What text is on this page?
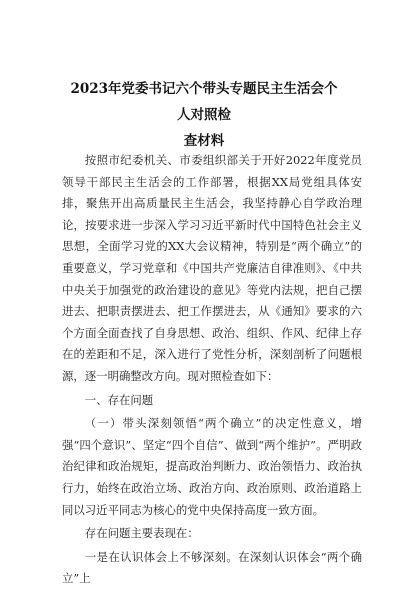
2023年党委书记六个带头专题民主生活会个人对照检
查材料

按照市纪委机关、市委组织部关于开好2022年度党员领导干部民主生活会的工作部署，根据XX局党组具体安排，聚焦开出高质量民主生活会，我坚持静心自学政治理论，按要求进一步深入学习习近平新时代中国特色社会主义思想，全面学习党的XX大会议精神，特别是“两个确立”的重要意义，学习党章和《中国共产党廉洁自律准则》、《中共中央关于加强党的政治建设的意见》等党内法规，把自己摆进去、把职责摆进去、把工作摆进去，从《通知》要求的六个方面全面查找了自身思想、政治、组织、作风、纪律上存在的差距和不足，深入进行了党性分析，深刻剖析了问题根源，逐一明确整改方向。现对照检查如下：

一、存在问题

（一）带头深刻领悟“两个确立”的决定性意义，增强“四个意识”、坚定“四个自信”、做到“两个维护”。严明政治纪律和政治规矩，提高政治判断力、政治领悟力、政治执行力，始终在政治立场、政治方向、政治原则、政治道路上同以习近平同志为核心的党中央保持高度一致方面。

存在问题主要表现在：

一是在认识体会上不够深刻。在深刻认识体会“两个确立”上
